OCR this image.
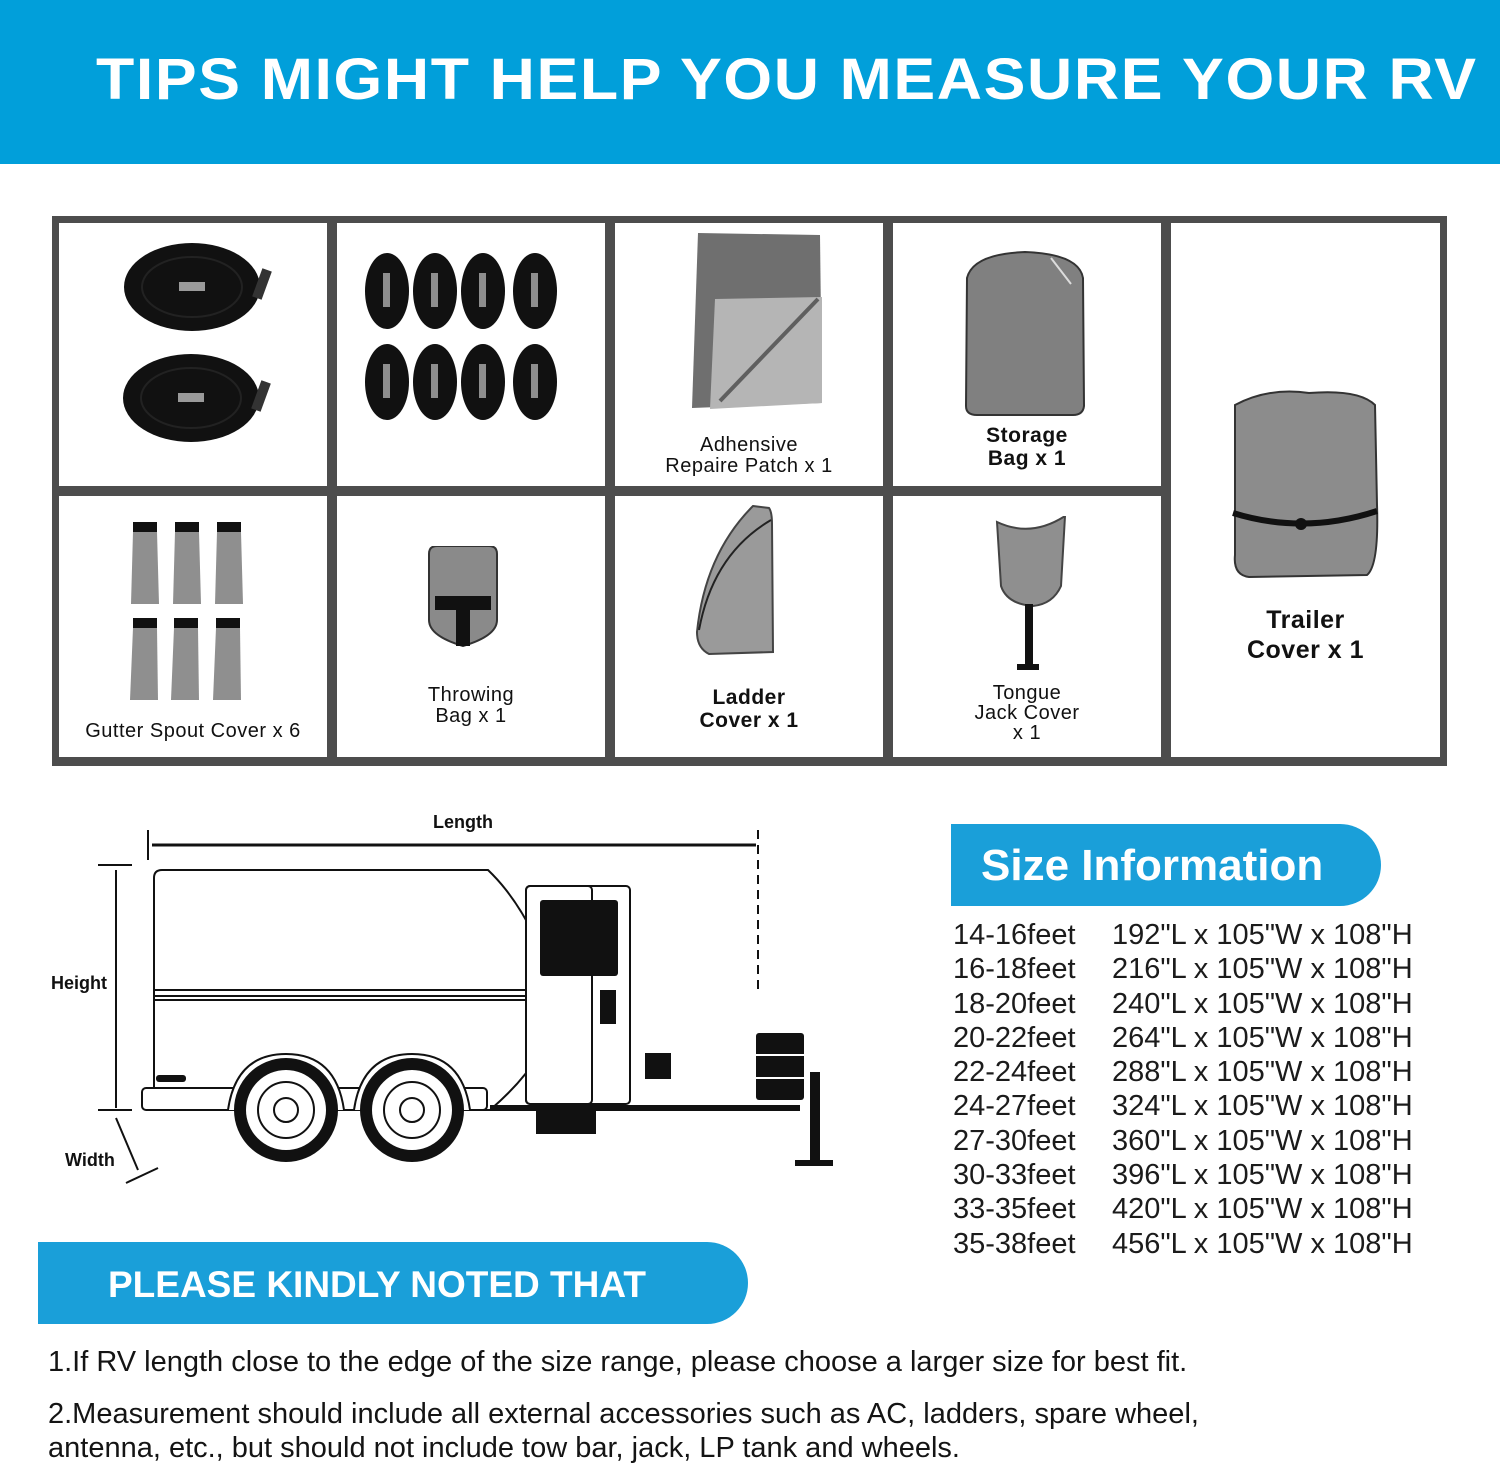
TIPS MIGHT HELP YOU MEASURE YOUR RV
Adhensive
Repaire Patch x 1
Storage
Bag x 1
Trailer
Cover x 1
Gutter Spout Cover x 6
Throwing
Bag x 1
Ladder
Cover x 1
Tongue
Jack Cover
x 1
Length
Height
Width
Size Information
14-16feet 192"L x 105"W x 108"H
16-18feet 216"L x 105"W x 108"H
18-20feet 240"L x 105"W x 108"H
20-22feet 264"L x 105"W x 108"H
22-24feet 288"L x 105"W x 108"H
24-27feet 324"L x 105"W x 108"H
27-30feet 360"L x 105"W x 108"H
30-33feet 396"L x 105"W x 108"H
33-35feet 420"L x 105"W x 108"H
35-38feet 456"L x 105"W x 108"H
PLEASE KINDLY NOTED THAT
1.If RV length close to the edge of the size range, please choose a larger size for best fit.
2.Measurement should include all external accessories such as AC, ladders, spare wheel,
antenna, etc., but should not include tow bar, jack, LP tank and wheels.
